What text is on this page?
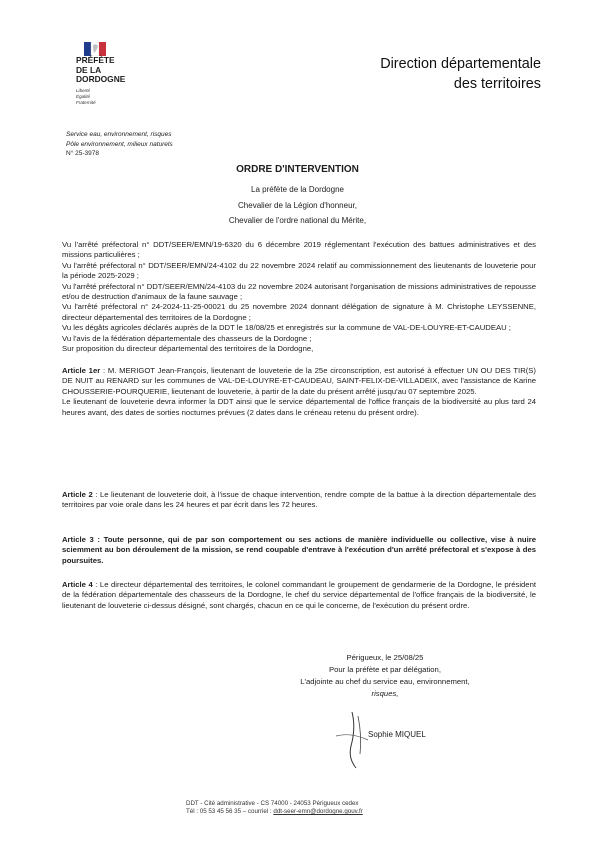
PRÉFÈTE
DE LA
DORDOGNE
Liberté
Égalité
Fraternité
Direction départementale
des territoires
Service eau, environnement, risques
Pôle environnement, milieux naturels
N° 25-3978
ORDRE D'INTERVENTION
La préfète de la Dordogne
Chevalier de la Légion d'honneur,
Chevalier de l'ordre national du Mérite,

Vu l'arrêté préfectoral n° DDT/SEER/EMN/19-6320 du 6 décembre 2019 réglementant l'exécution des battues administratives et des missions particulières ;

Vu l'arrêté préfectoral n° DDT/SEER/EMN/24-4102 du 22 novembre 2024 relatif au commissionnement des lieutenants de louveterie pour la période 2025-2029 ;

Vu l'arrêté préfectoral n° DDT/SEER/EMN/24-4103 du 22 novembre 2024 autorisant l'organisation de missions administratives de repousse et/ou de destruction d'animaux de la faune sauvage ;

Vu l'arrêté préfectoral n° 24-2024-11-25-00021 du 25 novembre 2024 donnant délégation de signature à M. Christophe LEYSSENNE, directeur départemental des territoires de la Dordogne ;

Vu les dégâts agricoles déclarés auprès de la DDT le 18/08/25 et enregistrés sur la commune de VAL-DE-LOUYRE-ET-CAUDEAU ;

Vu l'avis de la fédération départementale des chasseurs de la Dordogne ;

Sur proposition du directeur départemental des territoires de la Dordogne,

Article 1er : M. MERIGOT Jean-François, lieutenant de louveterie de la 25e circonscription, est autorisé à effectuer UN OU DES TIR(S) DE NUIT au RENARD sur les communes de VAL-DE-LOUYRE-ET-CAUDEAU, SAINT-FELIX-DE-VILLADEIX, avec l'assistance de Karine CHOUSSERIE-POURQUERIE, lieutenant de louveterie, à partir de la date du présent arrêté jusqu'au 07 septembre 2025.

Le lieutenant de louveterie devra informer la DDT ainsi que le service départemental de l'office français de la biodiversité au plus tard 24 heures avant, des dates de sorties nocturnes prévues (2 dates dans le créneau retenu du présent ordre).

Article 2 : Le lieutenant de louveterie doit, à l'issue de chaque intervention, rendre compte de la battue à la direction départementale des territoires par voie orale dans les 24 heures et par écrit dans les 72 heures.
Article 3 : Toute personne, qui de par son comportement ou ses actions de manière individuelle ou collective, vise à nuire sciemment au bon déroulement de la mission, se rend coupable d'entrave à l'exécution d'un arrêté préfectoral et s'expose à des poursuites.
Article 4 : Le directeur départemental des territoires, le colonel commandant le groupement de gendarmerie de la Dordogne, le président de la fédération départementale des chasseurs de la Dordogne, le chef du service départemental de l'office français de la biodiversité, le lieutenant de louveterie ci-dessus désigné, sont chargés, chacun en ce qui le concerne, de l'exécution du présent ordre.
Périgueux, le 25/08/25
Pour la préfète et par délégation,
L'adjointe au chef du service eau, environnement,
risques,
Sophie MIQUEL
DDT - Cité administrative - CS 74000 - 24053 Périgueux cedex
Tél : 05 53 45 56 35 – courriel : ddt-seer-emn@dordogne.gouv.fr
